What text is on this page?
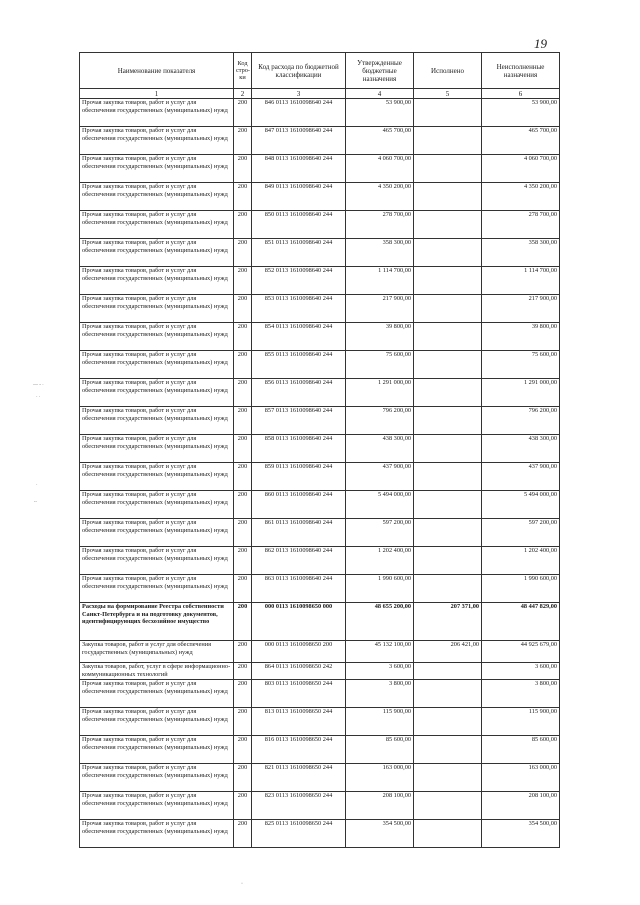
19
Наименование показателя	Код стро-ки	Код расхода по бюджетной классификации	Утвержденные бюджетные назначения	Исполнено	Неисполненные назначения
1	2	3	4	5	6
Прочая закупка товаров, работ и услуг для обеспечения государственных (муниципальных) нужд	200	846 0113 1610098640 244	53 900,00		53 900,00
Прочая закупка товаров, работ и услуг для обеспечения государственных (муниципальных) нужд	200	847 0113 1610098640 244	465 700,00		465 700,00
Прочая закупка товаров, работ и услуг для обеспечения государственных (муниципальных) нужд	200	848 0113 1610098640 244	4 060 700,00		4 060 700,00
Прочая закупка товаров, работ и услуг для обеспечения государственных (муниципальных) нужд	200	849 0113 1610098640 244	4 350 200,00		4 350 200,00
Прочая закупка товаров, работ и услуг для обеспечения государственных (муниципальных) нужд	200	850 0113 1610098640 244	278 700,00		278 700,00
Прочая закупка товаров, работ и услуг для обеспечения государственных (муниципальных) нужд	200	851 0113 1610098640 244	358 300,00		358 300,00
Прочая закупка товаров, работ и услуг для обеспечения государственных (муниципальных) нужд	200	852 0113 1610098640 244	1 114 700,00		1 114 700,00
Прочая закупка товаров, работ и услуг для обеспечения государственных (муниципальных) нужд	200	853 0113 1610098640 244	217 900,00		217 900,00
Прочая закупка товаров, работ и услуг для обеспечения государственных (муниципальных) нужд	200	854 0113 1610098640 244	39 800,00		39 800,00
Прочая закупка товаров, работ и услуг для обеспечения государственных (муниципальных) нужд	200	855 0113 1610098640 244	75 600,00		75 600,00
Прочая закупка товаров, работ и услуг для обеспечения государственных (муниципальных) нужд	200	856 0113 1610098640 244	1 291 000,00		1 291 000,00
Прочая закупка товаров, работ и услуг для обеспечения государственных (муниципальных) нужд	200	857 0113 1610098640 244	796 200,00		796 200,00
Прочая закупка товаров, работ и услуг для обеспечения государственных (муниципальных) нужд	200	858 0113 1610098640 244	438 300,00		438 300,00
Прочая закупка товаров, работ и услуг для обеспечения государственных (муниципальных) нужд	200	859 0113 1610098640 244	437 900,00		437 900,00
Прочая закупка товаров, работ и услуг для обеспечения государственных (муниципальных) нужд	200	860 0113 1610098640 244	5 494 000,00		5 494 000,00
Прочая закупка товаров, работ и услуг для обеспечения государственных (муниципальных) нужд	200	861 0113 1610098640 244	597 200,00		597 200,00
Прочая закупка товаров, работ и услуг для обеспечения государственных (муниципальных) нужд	200	862 0113 1610098640 244	1 202 400,00		1 202 400,00
Прочая закупка товаров, работ и услуг для обеспечения государственных (муниципальных) нужд	200	863 0113 1610098640 244	1 990 600,00		1 990 600,00
Расходы на формирование Реестра собственности Санкт-Петербурга и на подготовку документов, идентифицирующих бесхозяйное имущество	200	000 0113 1610098650 000	48 655 200,00	207 371,00	48 447 829,00
Закупка товаров, работ и услуг для обеспечения государственных (муниципальных) нужд	200	000 0113 1610098650 200	45 132 100,00	206 421,00	44 925 679,00
Закупка товаров, работ, услуг в сфере информационно-коммуникационных технологий	200	864 0113 1610098650 242	3 600,00		3 600,00
Прочая закупка товаров, работ и услуг для обеспечения государственных (муниципальных) нужд	200	803 0113 1610098650 244	3 800,00		3 800,00
Прочая закупка товаров, работ и услуг для обеспечения государственных (муниципальных) нужд	200	813 0113 1610098650 244	115 900,00		115 900,00
Прочая закупка товаров, работ и услуг для обеспечения государственных (муниципальных) нужд	200	816 0113 1610098650 244	85 600,00		85 600,00
Прочая закупка товаров, работ и услуг для обеспечения государственных (муниципальных) нужд	200	821 0113 1610098650 244	163 000,00		163 000,00
Прочая закупка товаров, работ и услуг для обеспечения государственных (муниципальных) нужд	200	823 0113 1610098650 244	208 100,00		208 100,00
Прочая закупка товаров, работ и услуг для обеспечения государственных (муниципальных) нужд	200	825 0113 1610098650 244	354 500,00		354 500,00
— - ·
· ·
·
-·
·
